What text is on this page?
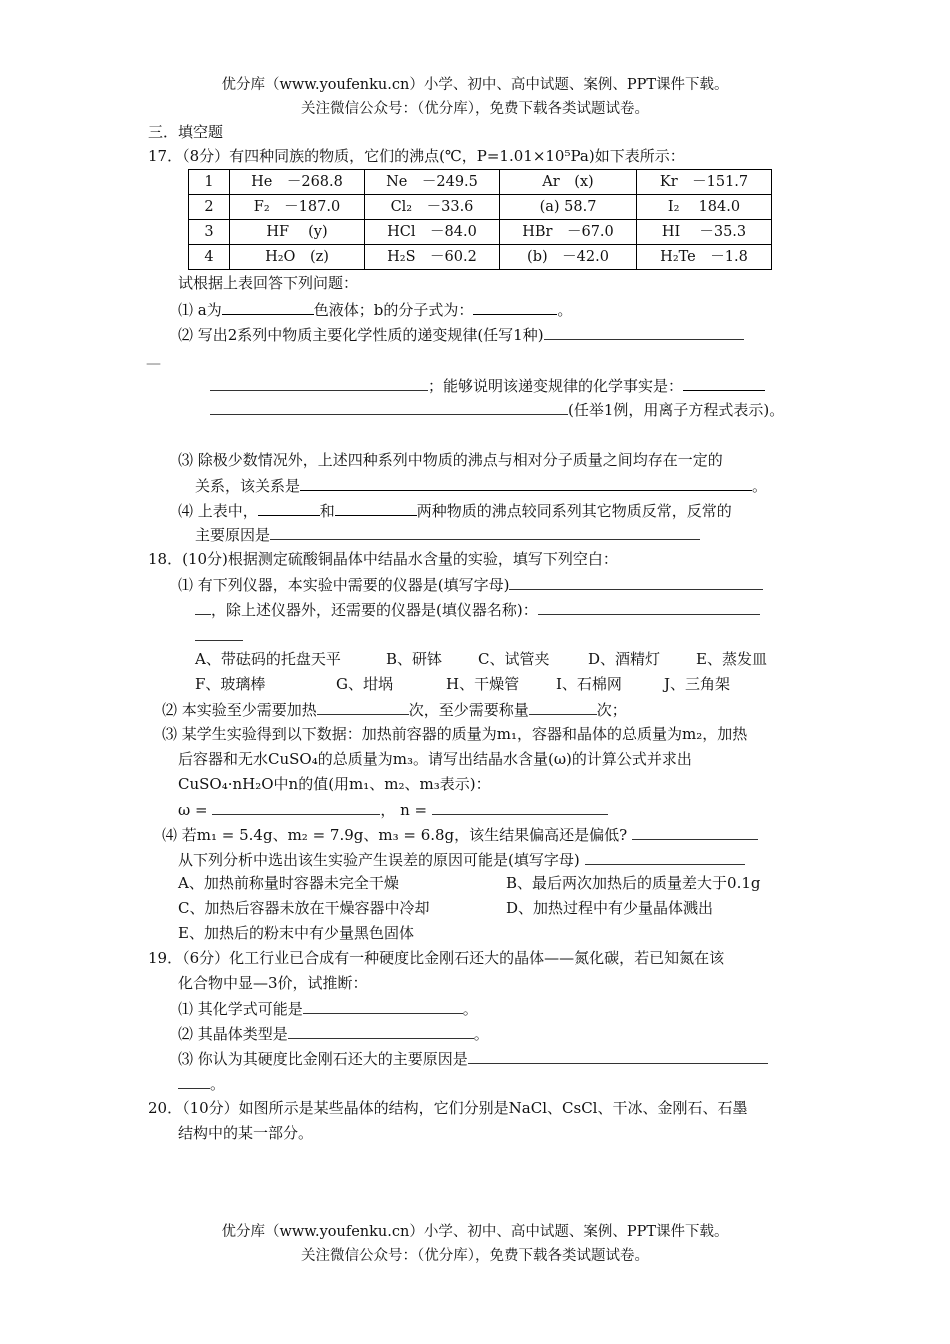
优分库（www.youfenku.cn）小学、初中、高中试题、案例、PPT课件下载。
关注微信公众号：（优分库），免费下载各类试题试卷。
三．填空题
17．（8分）有四种同族的物质，它们的沸点(℃，P=1.01×10⁵Pa)如下表所示：
1	He　－268.8	Ne　－249.5	Ar　(x)	Kr　－151.7
2	F₂　－187.0	Cl₂　－33.6	(a) 58.7	I₂　 184.0
3	HF　 (y)	HCl　－84.0	HBr　－67.0	HI　 －35.3
4	H₂O　(z)	H₂S　－60.2	(b)　－42.0	H₂Te　－1.8
试根据上表回答下列问题：
⑴ a为	色液体；b的分子式为：	。
⑵ 写出2系列中物质主要化学性质的递变规律(任写1种)
—
；能够说明该递变规律的化学事实是：
(任举1例，用离子方程式表示)。
⑶ 除极少数情况外，上述四种系列中物质的沸点与相对分子质量之间均存在一定的
关系，该关系是	。
⑷ 上表中，	和	两种物质的沸点较同系列其它物质反常，反常的
主要原因是
18．(10分)根据测定硫酸铜晶体中结晶水含量的实验，填写下列空白：
⑴ 有下列仪器，本实验中需要的仪器是(填写字母)
，除上述仪器外，还需要的仪器是(填仪器名称)：
A、带砝码的托盘天平	B、研钵 C、试管夹	D、酒精灯 E、蒸发皿
F、玻璃棒	G、坩埚	H、干燥管 I、石棉网	J、三角架
⑵ 本实验至少需要加热	次，至少需要称量	次；
⑶ 某学生实验得到以下数据：加热前容器的质量为m₁，容器和晶体的总质量为m₂，加热
后容器和无水CuSO₄的总质量为m₃。请写出结晶水含量(ω)的计算公式并求出
CuSO₄·nH₂O中n的值(用m₁、m₂、m₃表示)：
ω =	， n =
⑷ 若m₁ = 5.4g、m₂ = 7.9g、m₃ = 6.8g，该生结果偏高还是偏低?
从下列分析中选出该生实验产生误差的原因可能是(填写字母)
A、加热前称量时容器未完全干燥	B、最后两次加热后的质量差大于0.1g
C、加热后容器未放在干燥容器中冷却	D、加热过程中有少量晶体溅出
E、加热后的粉末中有少量黑色固体
19．（6分）化工行业已合成有一种硬度比金刚石还大的晶体——氮化碳，若已知氮在该
化合物中显—3价，试推断：
⑴ 其化学式可能是	。
⑵ 其晶体类型是	。
⑶ 你认为其硬度比金刚石还大的主要原因是
。
20．（10分）如图所示是某些晶体的结构，它们分别是NaCl、CsCl、干冰、金刚石、石墨
结构中的某一部分。
优分库（www.youfenku.cn）小学、初中、高中试题、案例、PPT课件下载。
关注微信公众号：（优分库），免费下载各类试题试卷。
